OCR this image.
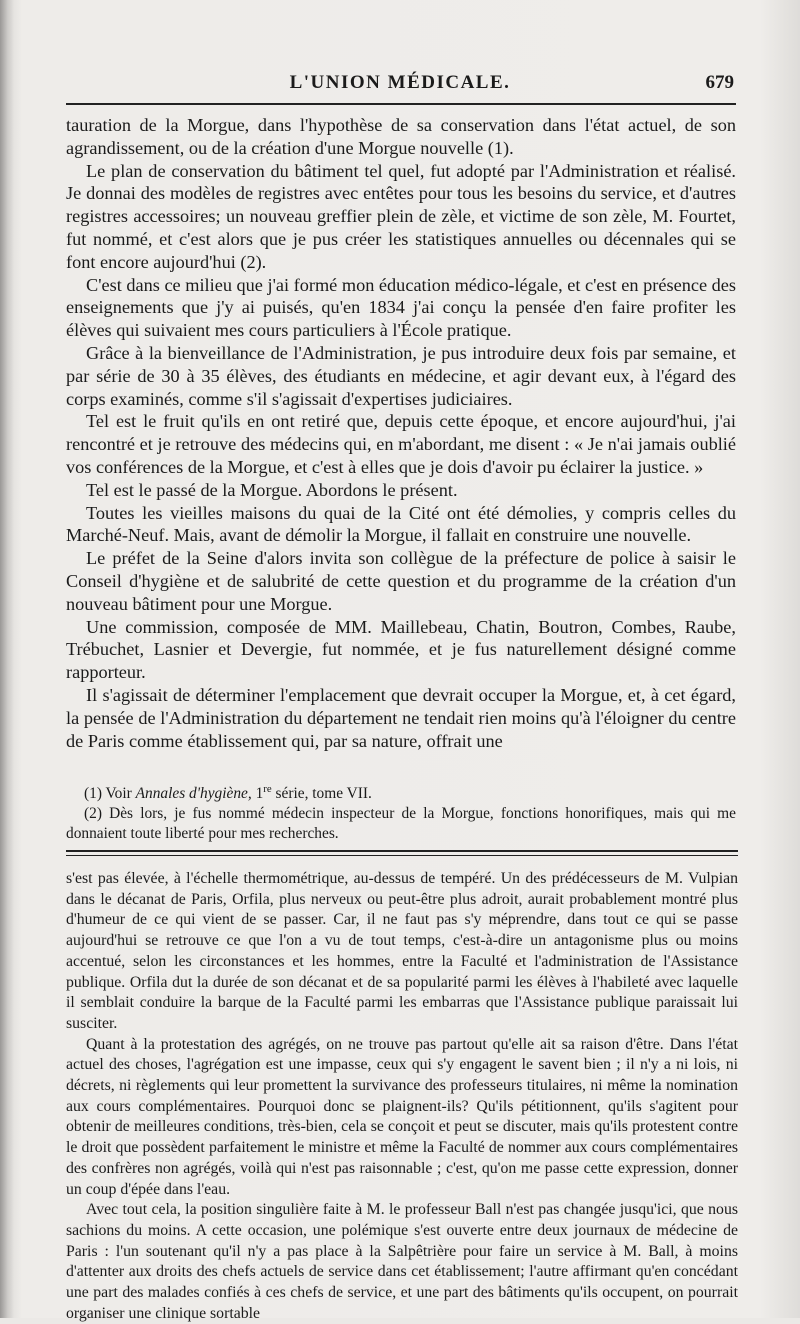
L'UNION MÉDICALE.	679

tauration de la Morgue, dans l'hypothèse de sa conservation dans l'état actuel, de son agrandissement, ou de la création d'une Morgue nouvelle (1).

Le plan de conservation du bâtiment tel quel, fut adopté par l'Administration et réalisé. Je donnai des modèles de registres avec entêtes pour tous les besoins du service, et d'autres registres accessoires; un nouveau greffier plein de zèle, et victime de son zèle, M. Fourtet, fut nommé, et c'est alors que je pus créer les statistiques annuelles ou décennales qui se font encore aujourd'hui (2).

C'est dans ce milieu que j'ai formé mon éducation médico-légale, et c'est en présence des enseignements que j'y ai puisés, qu'en 1834 j'ai conçu la pensée d'en faire profiter les élèves qui suivaient mes cours particuliers à l'École pratique.

Grâce à la bienveillance de l'Administration, je pus introduire deux fois par semaine, et par série de 30 à 35 élèves, des étudiants en médecine, et agir devant eux, à l'égard des corps examinés, comme s'il s'agissait d'expertises judiciaires.

Tel est le fruit qu'ils en ont retiré que, depuis cette époque, et encore aujourd'hui, j'ai rencontré et je retrouve des médecins qui, en m'abordant, me disent : « Je n'ai jamais oublié vos conférences de la Morgue, et c'est à elles que je dois d'avoir pu éclairer la justice. »

Tel est le passé de la Morgue. Abordons le présent.

Toutes les vieilles maisons du quai de la Cité ont été démolies, y compris celles du Marché-Neuf. Mais, avant de démolir la Morgue, il fallait en construire une nouvelle.

Le préfet de la Seine d'alors invita son collègue de la préfecture de police à saisir le Conseil d'hygiène et de salubrité de cette question et du programme de la création d'un nouveau bâtiment pour une Morgue.

Une commission, composée de MM. Maillebeau, Chatin, Boutron, Combes, Raube, Trébuchet, Lasnier et Devergie, fut nommée, et je fus naturellement désigné comme rapporteur.

Il s'agissait de déterminer l'emplacement que devrait occuper la Morgue, et, à cet égard, la pensée de l'Administration du département ne tendait rien moins qu'à l'éloigner du centre de Paris comme établissement qui, par sa nature, offrait une

(1) Voir Annales d'hygiène, 1re série, tome VII.

(2) Dès lors, je fus nommé médecin inspecteur de la Morgue, fonctions honorifiques, mais qui me donnaient toute liberté pour mes recherches.

s'est pas élevée, à l'échelle thermométrique, au-dessus de tempéré. Un des prédécesseurs de M. Vulpian dans le décanat de Paris, Orfila, plus nerveux ou peut-être plus adroit, aurait probablement montré plus d'humeur de ce qui vient de se passer. Car, il ne faut pas s'y méprendre, dans tout ce qui se passe aujourd'hui se retrouve ce que l'on a vu de tout temps, c'est-à-dire un antagonisme plus ou moins accentué, selon les circonstances et les hommes, entre la Faculté et l'administration de l'Assistance publique. Orfila dut la durée de son décanat et de sa popularité parmi les élèves à l'habileté avec laquelle il semblait conduire la barque de la Faculté parmi les embarras que l'Assistance publique paraissait lui susciter.

Quant à la protestation des agrégés, on ne trouve pas partout qu'elle ait sa raison d'être. Dans l'état actuel des choses, l'agrégation est une impasse, ceux qui s'y engagent le savent bien ; il n'y a ni lois, ni décrets, ni règlements qui leur promettent la survivance des professeurs titulaires, ni même la nomination aux cours complémentaires. Pourquoi donc se plaignent-ils? Qu'ils pétitionnent, qu'ils s'agitent pour obtenir de meilleures conditions, très-bien, cela se conçoit et peut se discuter, mais qu'ils protestent contre le droit que possèdent parfaitement le ministre et même la Faculté de nommer aux cours complémentaires des confrères non agrégés, voilà qui n'est pas raisonnable ; c'est, qu'on me passe cette expression, donner un coup d'épée dans l'eau.

Avec tout cela, la position singulière faite à M. le professeur Ball n'est pas changée jusqu'ici, que nous sachions du moins. A cette occasion, une polémique s'est ouverte entre deux journaux de médecine de Paris : l'un soutenant qu'il n'y a pas place à la Salpêtrière pour faire un service à M. Ball, à moins d'attenter aux droits des chefs actuels de service dans cet établissement; l'autre affirmant qu'en concédant une part des malades confiés à ces chefs de service, et une part des bâtiments qu'ils occupent, on pourrait organiser une clinique sortable
